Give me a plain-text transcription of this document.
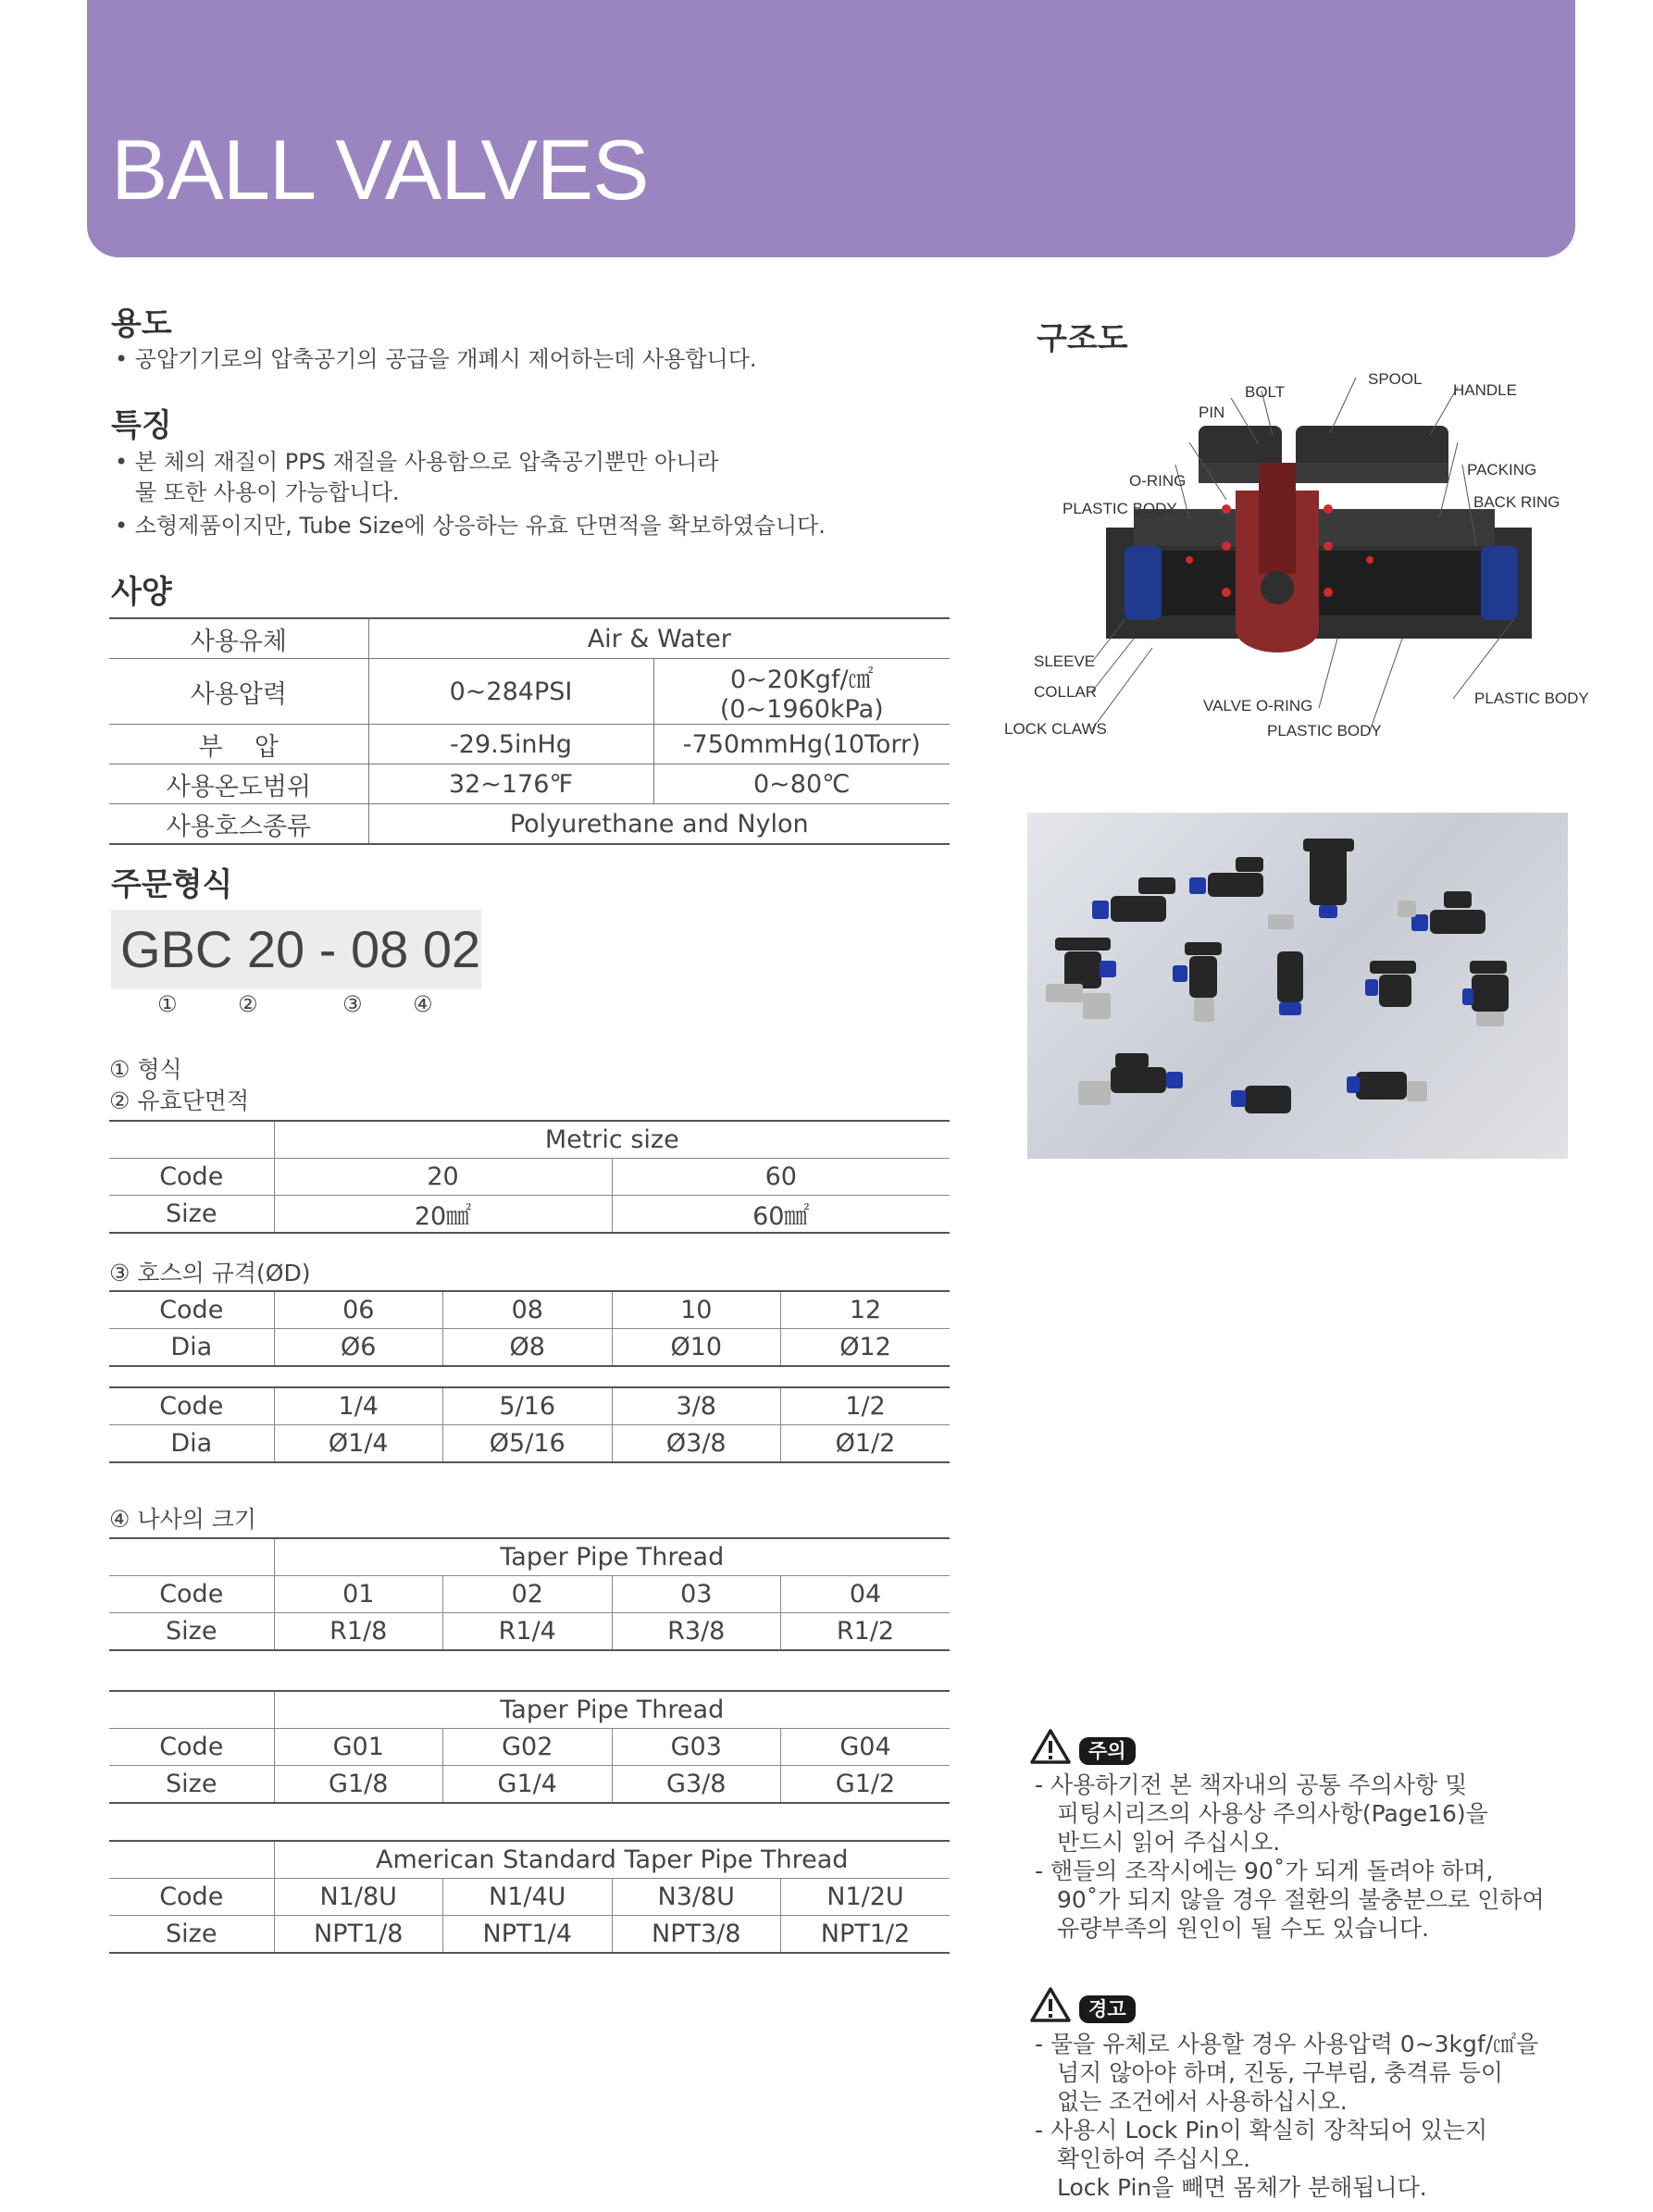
BALL VALVES
용도
• 공압기기로의 압축공기의 공급을 개폐시 제어하는데 사용합니다.
특징
• 본 체의 재질이 PPS 재질을 사용함으로 압축공기뿐만 아니라
물 또한 사용이 가능합니다.
• 소형제품이지만, Tube Size에 상응하는 유효 단면적을 확보하였습니다.
사양
사용유체	Air & Water	
사용압력	0~284PSI	0~20Kgf/㎠(0~1960kPa)
부    압	-29.5inHg	-750mmHg(10Torr)
사용온도범위	32~176℉	0~80℃
사용호스종류	Polyurethane and Nylon	
주문형식
GBC 20 - 08 02
①	②	③ ④
① 형식
② 유효단면적
	Metric size	
Code	20	60
Size	20㎟	60㎟
③ 호스의 규격(ØD)
Code	06	08	10	12
Dia	Ø6	Ø8	Ø10	Ø12
Code	1/4	5/16	3/8	1/2
Dia	Ø1/4	Ø5/16	Ø3/8	Ø1/2
④ 나사의 크기
	Taper Pipe Thread			
Code	01	02	03	04
Size	R1/8	R1/4	R3/8	R1/2
	Taper Pipe Thread			
Code	G01	G02	G03	G04
Size	G1/8	G1/4	G3/8	G1/2
	American Standard Taper Pipe Thread			
Code	N1/8U	N1/4U	N3/8U	N1/2U
Size	NPT1/8	NPT1/4	NPT3/8	NPT1/2
구조도
SPOOL
BOLT	HANDLE
PIN
O-RING
PACKING
PLASTIC BODY	BACK RING
SLEEVE
COLLAR	PLASTIC BODY
VALVE O-RING
LOCK CLAWS	PLASTIC BODY
주의
- 사용하기전 본 책자내의 공통 주의사항 및
피팅시리즈의 사용상 주의사항(Page16)을
반드시 읽어 주십시오.
- 핸들의 조작시에는 90˚가 되게 돌려야 하며,
90˚가 되지 않을 경우 절환의 불충분으로 인하여
유량부족의 원인이 될 수도 있습니다.
경고
- 물을 유체로 사용할 경우 사용압력 0~3kgf/㎠을
넘지 않아야 하며, 진동, 구부림, 충격류 등이
없는 조건에서 사용하십시오.
- 사용시 Lock Pin이 확실히 장착되어 있는지
확인하여 주십시오.
Lock Pin을 빼면 몸체가 분해됩니다.
